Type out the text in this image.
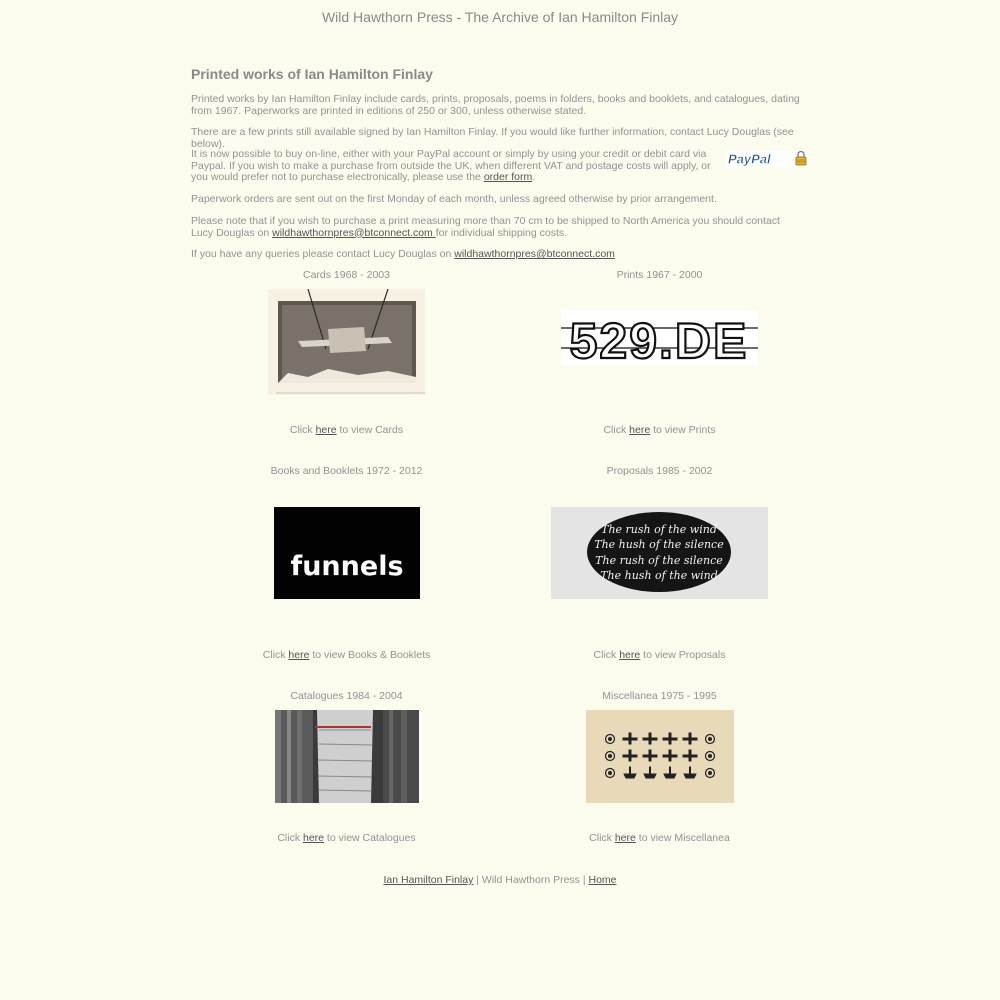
Wild Hawthorn Press - The Archive of Ian Hamilton Finlay
Printed works of Ian Hamilton Finlay

Printed works by Ian Hamilton Finlay include cards, prints, proposals, poems in folders, books and booklets, and catalogues, dating from 1967. Paperworks are printed in editions of 250 or 300, unless otherwise stated.

There are a few prints still available signed by Ian Hamilton Finlay. If you would like further information, contact Lucy Douglas (see below).

It is now possible to buy on-line, either with your PayPal account or simply by using your credit or debit card via Paypal. If you wish to make a purchase from outside the UK, when different VAT and postage costs will apply, or you would prefer not to purchase electronically, please use the order form.

PayPal

Paperwork orders are sent out on the first Monday of each month, unless agreed otherwise by prior arrangement.

Please note that if you wish to purchase a print measuring more than 70 cm to be shipped to North America you should contact Lucy Douglas on wildhawthornpres@btconnect.com for individual shipping costs.

If you have any queries please contact Lucy Douglas on wildhawthornpres@btconnect.com

Cards 1968 - 2003
Click here to view Cards
Prints 1967 - 2000
529.DE
Click here to view Prints
Books and Booklets 1972 - 2012
funnels
Click here to view Books & Booklets
Proposals 1985 - 2002
The rush of the wind
The hush of the silence
The rush of the silence
The hush of the wind
Click here to view Proposals
Catalogues 1984 - 2004
Click here to view Catalogues
Miscellanea 1975 - 1995
Click here to view Miscellanea
Ian Hamilton Finlay | Wild Hawthorn Press | Home
